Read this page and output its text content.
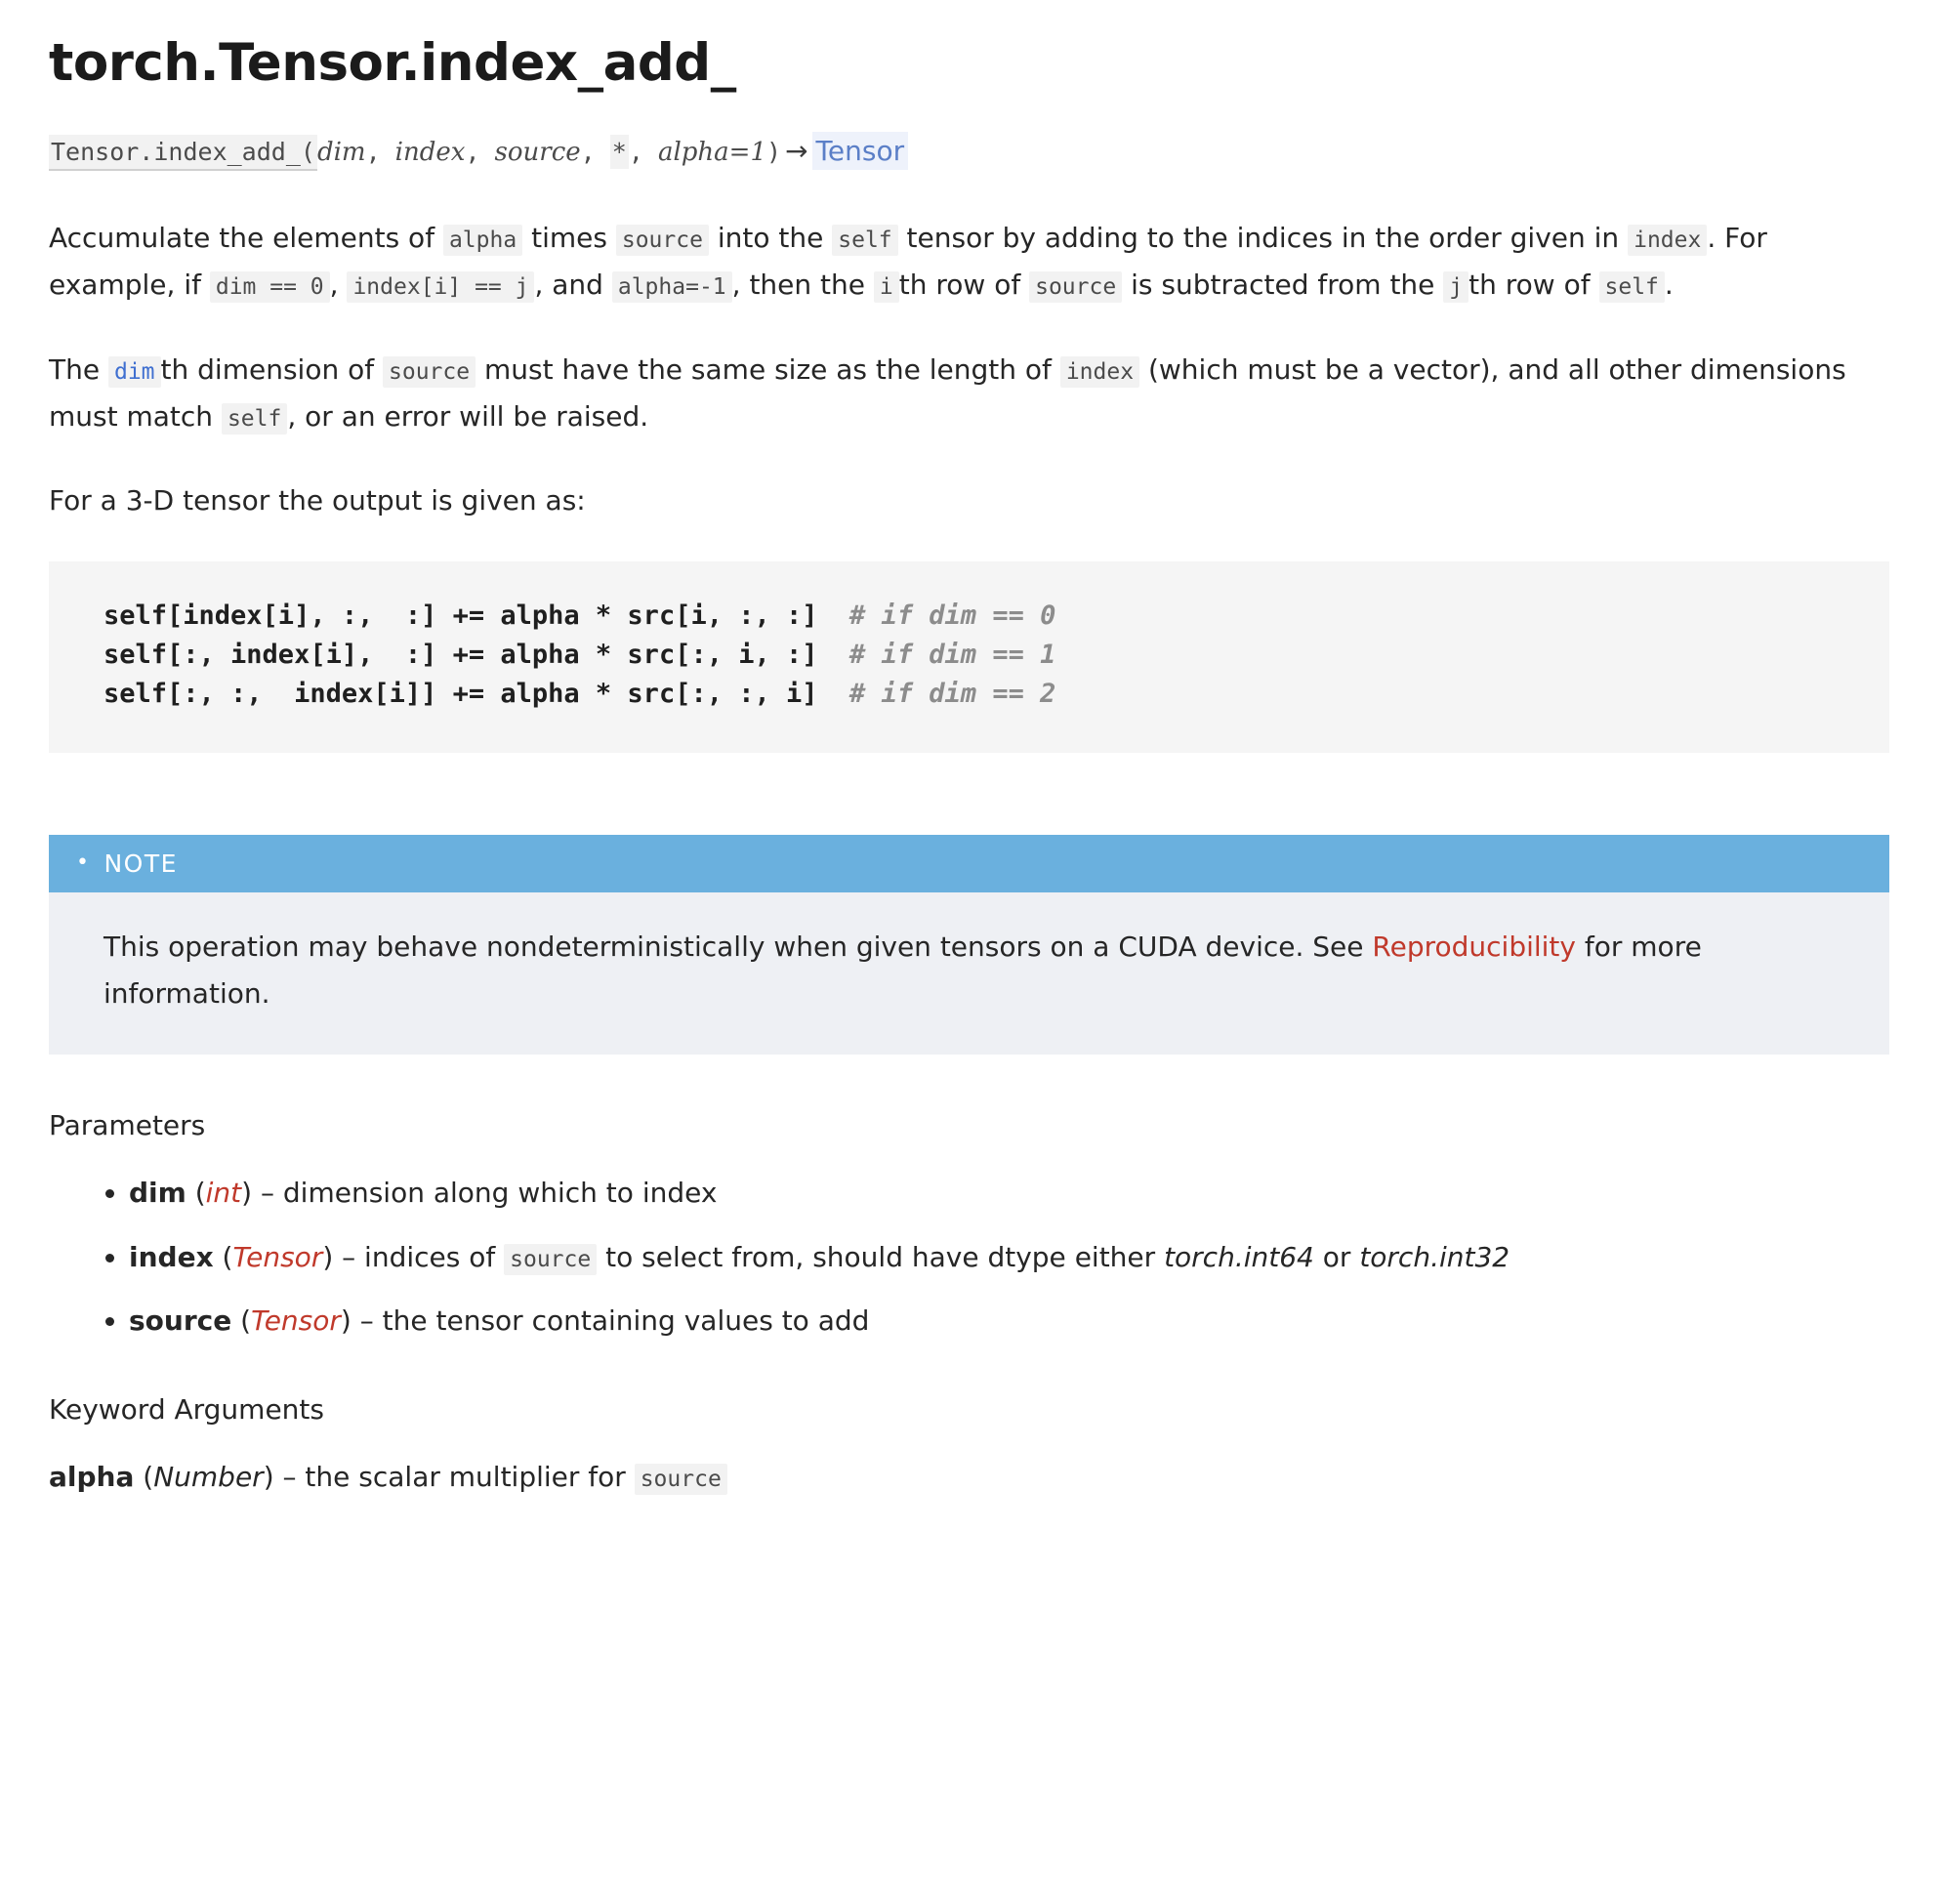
torch.Tensor.index_add_
Tensor.index_add_(dim, index, source, *, alpha=1) → Tensor

Accumulate the elements of alpha times source into the self tensor by adding to the indices in the order given in index . For example, if dim == 0 , index[i] == j , and alpha=-1 , then the i th row of source is subtracted from the j th row of self .

The dim th dimension of source must have the same size as the length of index (which must be a vector), and all other dimensions must match self , or an error will be raised.

For a 3-D tensor the output is given as:

self[index[i], :,  :] += alpha * src[i, :, :]  # if dim == 0
self[:, index[i],  :] += alpha * src[:, i, :]  # if dim == 1
self[:, :,  index[i]] += alpha * src[:, :, i]  # if dim == 2
• NOTE
This operation may behave nondeterministically when given tensors on a CUDA device. See Reproducibility for more information.
Parameters
• dim (int) – dimension along which to index
• index (Tensor) – indices of source to select from, should have dtype either torch.int64 or torch.int32
• source (Tensor) – the tensor containing values to add
Keyword Arguments

alpha (Number) – the scalar multiplier for source
